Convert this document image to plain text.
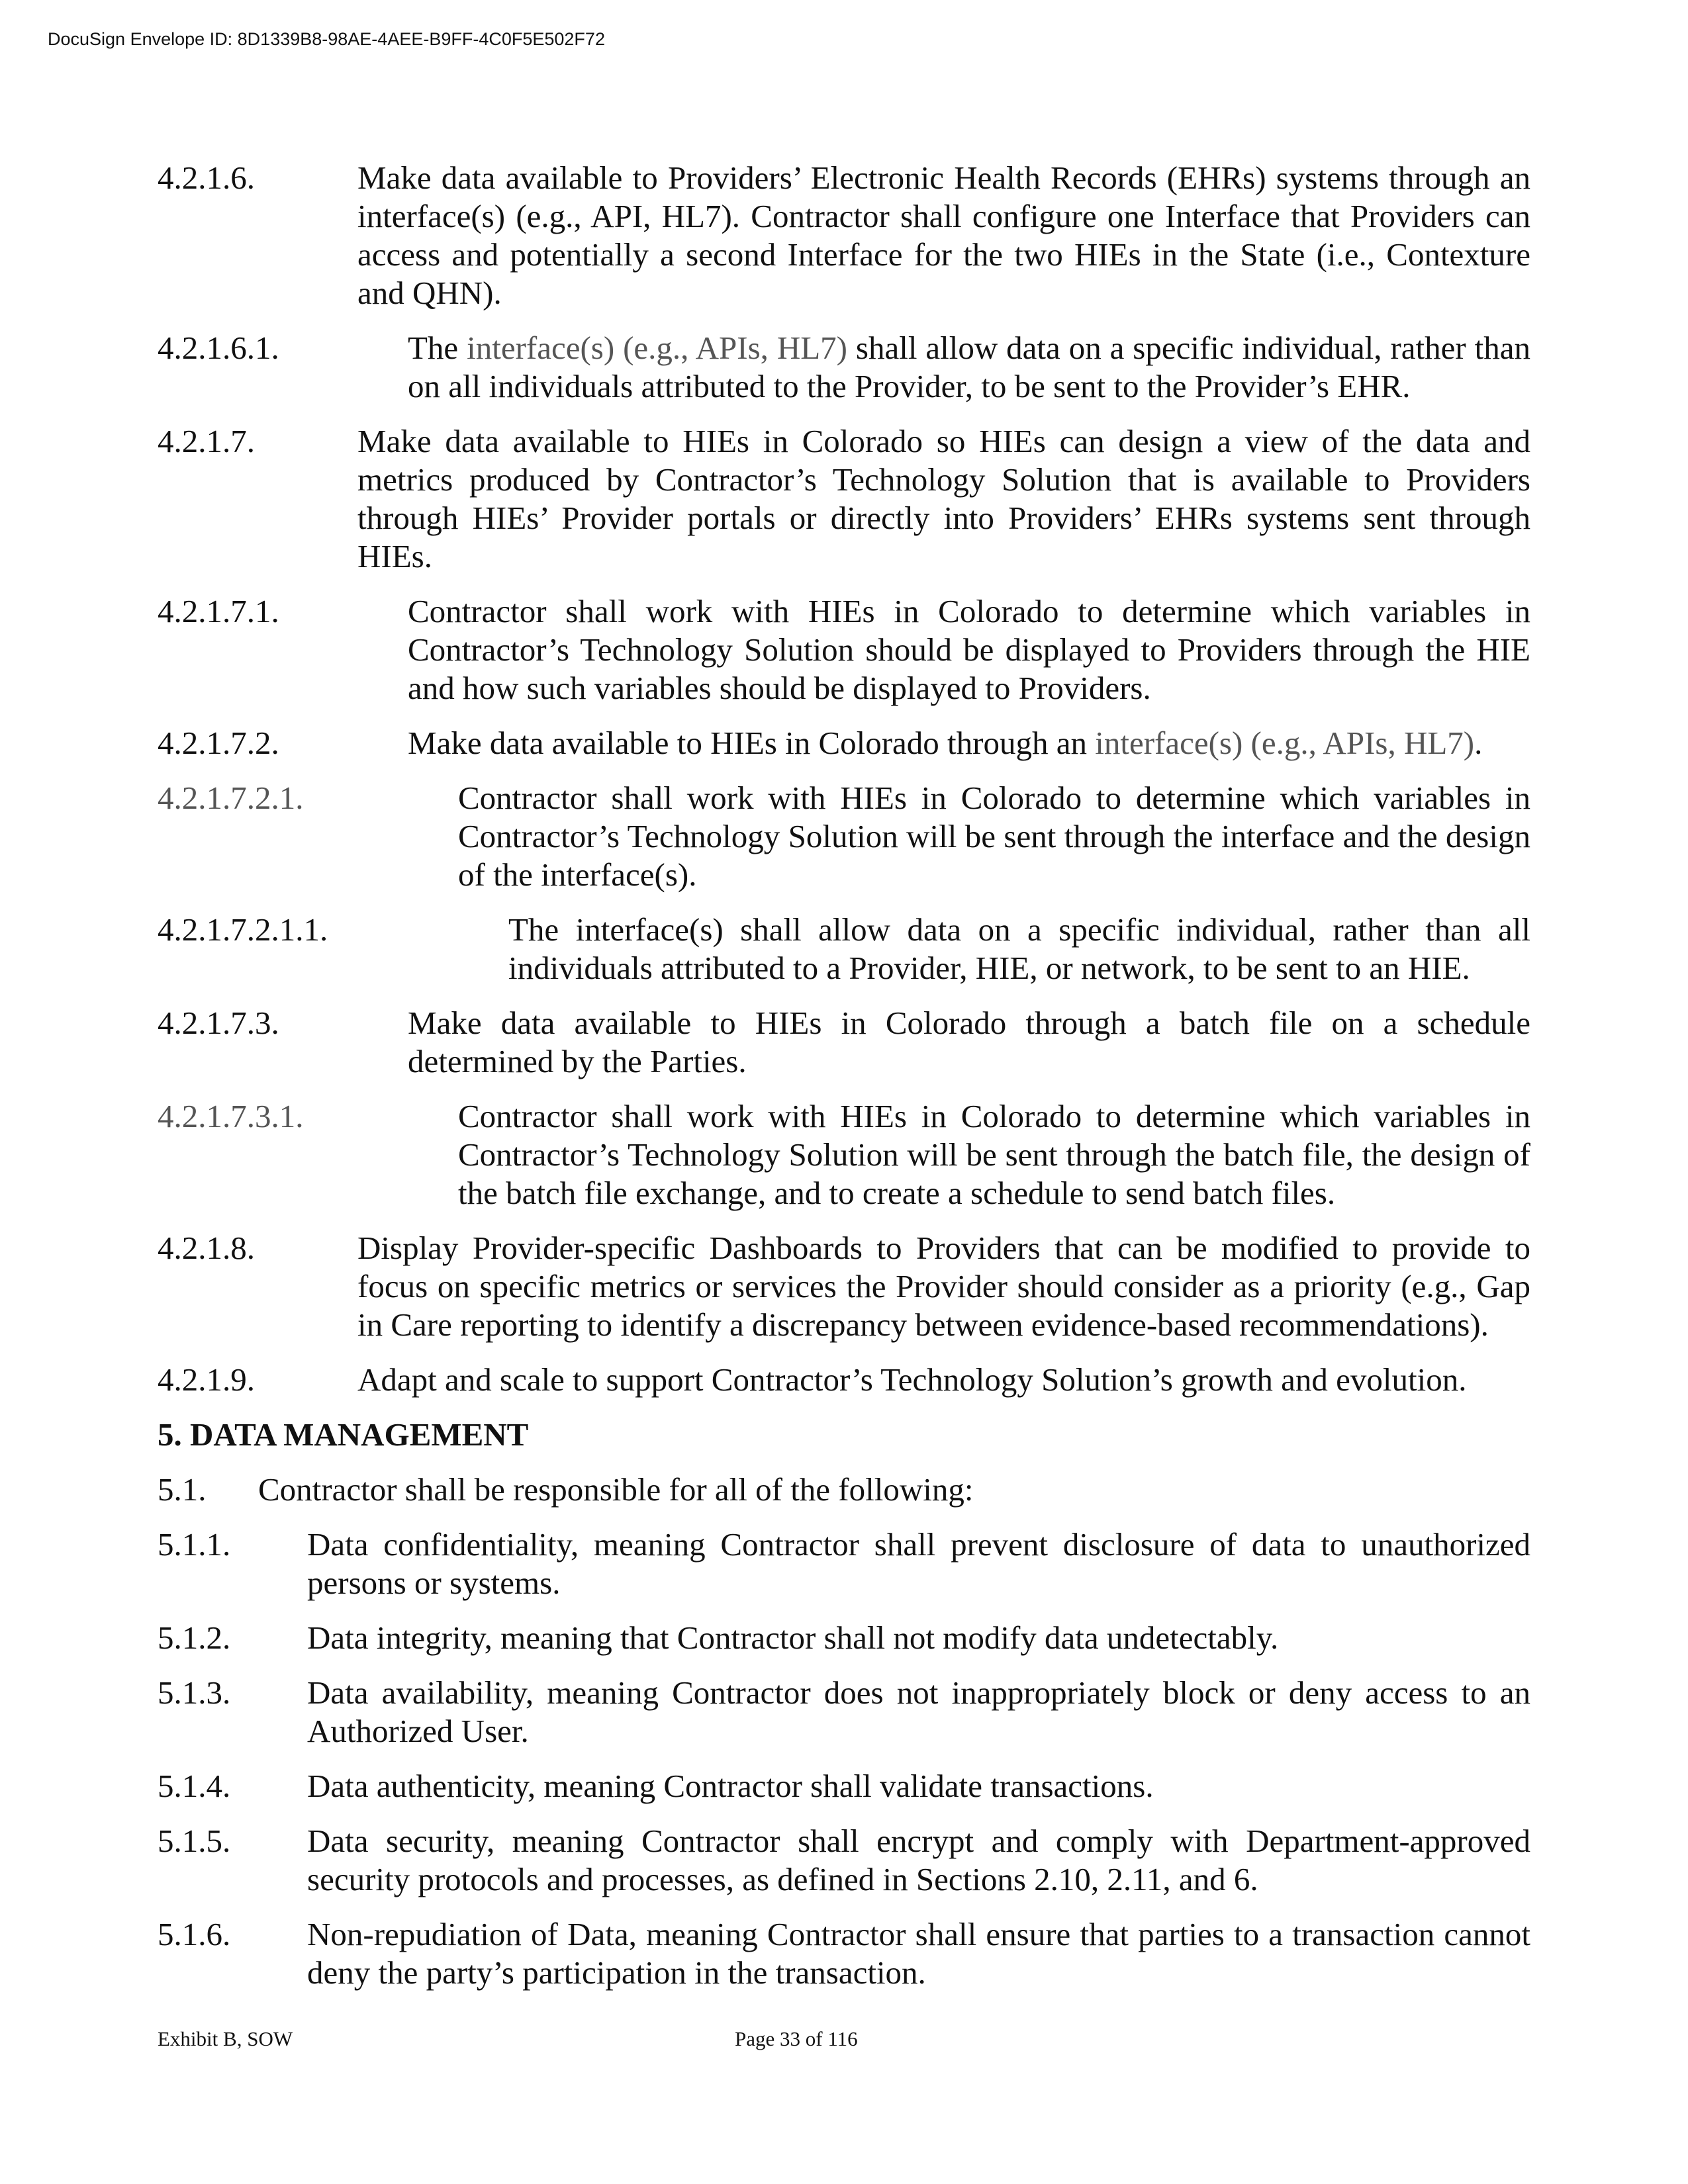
DocuSign Envelope ID: 8D1339B8-98AE-4AEE-B9FF-4C0F5E502F72
4.2.1.6.	Make data available to Providers’ Electronic Health Records (EHRs) systems through an interface(s) (e.g., API, HL7). Contractor shall configure one Interface that Providers can access and potentially a second Interface for the two HIEs in the State (i.e., Contexture and QHN).
4.2.1.6.1.	The interface(s) (e.g., APIs, HL7) shall allow data on a specific individual, rather than on all individuals attributed to the Provider, to be sent to the Provider’s EHR.
4.2.1.7.	Make data available to HIEs in Colorado so HIEs can design a view of the data and metrics produced by Contractor’s Technology Solution that is available to Providers through HIEs’ Provider portals or directly into Providers’ EHRs systems sent through HIEs.
4.2.1.7.1.	Contractor shall work with HIEs in Colorado to determine which variables in Contractor’s Technology Solution should be displayed to Providers through the HIE and how such variables should be displayed to Providers.
4.2.1.7.2.	Make data available to HIEs in Colorado through an interface(s) (e.g., APIs, HL7).
4.2.1.7.2.1.	Contractor shall work with HIEs in Colorado to determine which variables in Contractor’s Technology Solution will be sent through the interface and the design of the interface(s).
4.2.1.7.2.1.1.	The interface(s) shall allow data on a specific individual, rather than all individuals attributed to a Provider, HIE, or network, to be sent to an HIE.
4.2.1.7.3.	Make data available to HIEs in Colorado through a batch file on a schedule determined by the Parties.
4.2.1.7.3.1.	Contractor shall work with HIEs in Colorado to determine which variables in Contractor’s Technology Solution will be sent through the batch file, the design of the batch file exchange, and to create a schedule to send batch files.
4.2.1.8.	Display Provider-specific Dashboards to Providers that can be modified to provide to focus on specific metrics or services the Provider should consider as a priority (e.g., Gap in Care reporting to identify a discrepancy between evidence-based recommendations).
4.2.1.9.	Adapt and scale to support Contractor’s Technology Solution’s growth and evolution.
5. DATA MANAGEMENT
5.1. Contractor shall be responsible for all of the following:
5.1.1. Data confidentiality, meaning Contractor shall prevent disclosure of data to unauthorized persons or systems.
5.1.2. Data integrity, meaning that Contractor shall not modify data undetectably.
5.1.3. Data availability, meaning Contractor does not inappropriately block or deny access to an Authorized User.
5.1.4. Data authenticity, meaning Contractor shall validate transactions.
5.1.5. Data security, meaning Contractor shall encrypt and comply with Department-approved security protocols and processes, as defined in Sections 2.10, 2.11, and 6.
5.1.6. Non-repudiation of Data, meaning Contractor shall ensure that parties to a transaction cannot deny the party’s participation in the transaction.
Exhibit B, SOW	Page 33 of 116
